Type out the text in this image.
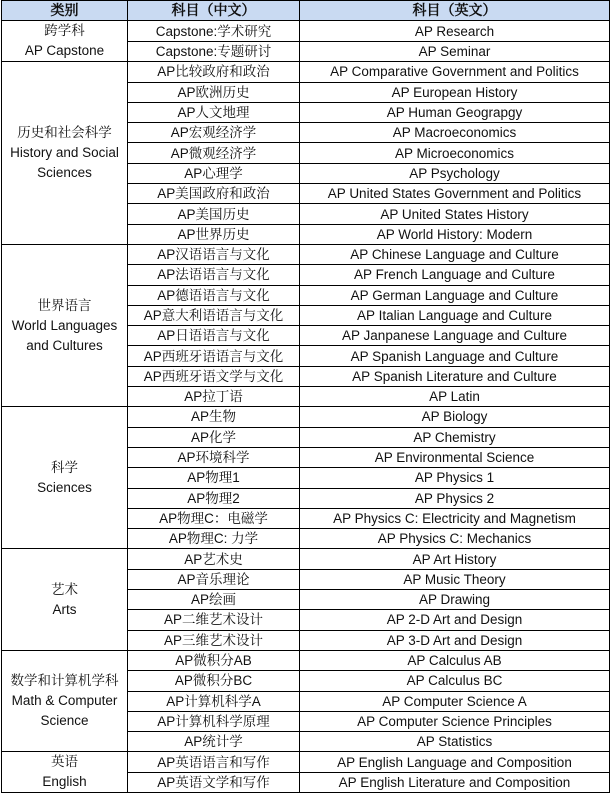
类别	科目（中文）	科目（英文）

跨学科
AP Capstone	Capstone:学术研究	AP Research
	Capstone:专题研讨	AP Seminar

历史和社会科学
History and Social Sciences	AP比较政府和政治	AP Comparative Government and Politics
	AP欧洲历史	AP European History
	AP人文地理	AP Human Geograpgy
	AP宏观经济学	AP Macroeconomics
	AP微观经济学	AP Microeconomics
	AP心理学	AP Psychology
	AP美国政府和政治	AP United States Government and Politics
	AP美国历史	AP United States History
	AP世界历史	AP World History: Modern

世界语言
World Languages and Cultures	AP汉语语言与文化	AP Chinese Language and Culture
	AP法语语言与文化	AP French Language and Culture
	AP德语语言与文化	AP German Language and Culture
	AP意大利语语言与文化	AP Italian Language and Culture
	AP日语语言与文化	AP Janpanese Language and Culture
	AP西班牙语语言与文化	AP Spanish Language and Culture
	AP西班牙语文学与文化	AP Spanish Literature and Culture
	AP拉丁语	AP Latin

科学
Sciences	AP生物	AP Biology
	AP化学	AP Chemistry
	AP环境科学	AP Environmental Science
	AP物理1	AP Physics 1
	AP物理2	AP Physics 2
	AP物理C：电磁学	AP Physics C: Electricity and Magnetism
	AP物理C: 力学	AP Physics C: Mechanics

艺术
Arts	AP艺术史	AP Art History
	AP音乐理论	AP Music Theory
	AP绘画	AP Drawing
	AP二维艺术设计	AP 2-D Art and Design
	AP三维艺术设计	AP 3-D Art and Design

数学和计算机学科
Math & Computer Science	AP微积分AB	AP Calculus AB
	AP微积分BC	AP Calculus BC
	AP计算机科学A	AP Computer Science A
	AP计算机科学原理	AP Computer Science Principles
	AP统计学	AP Statistics

英语
English	AP英语语言和写作	AP English Language and Composition
	AP英语文学和写作	AP English Literature and Composition
